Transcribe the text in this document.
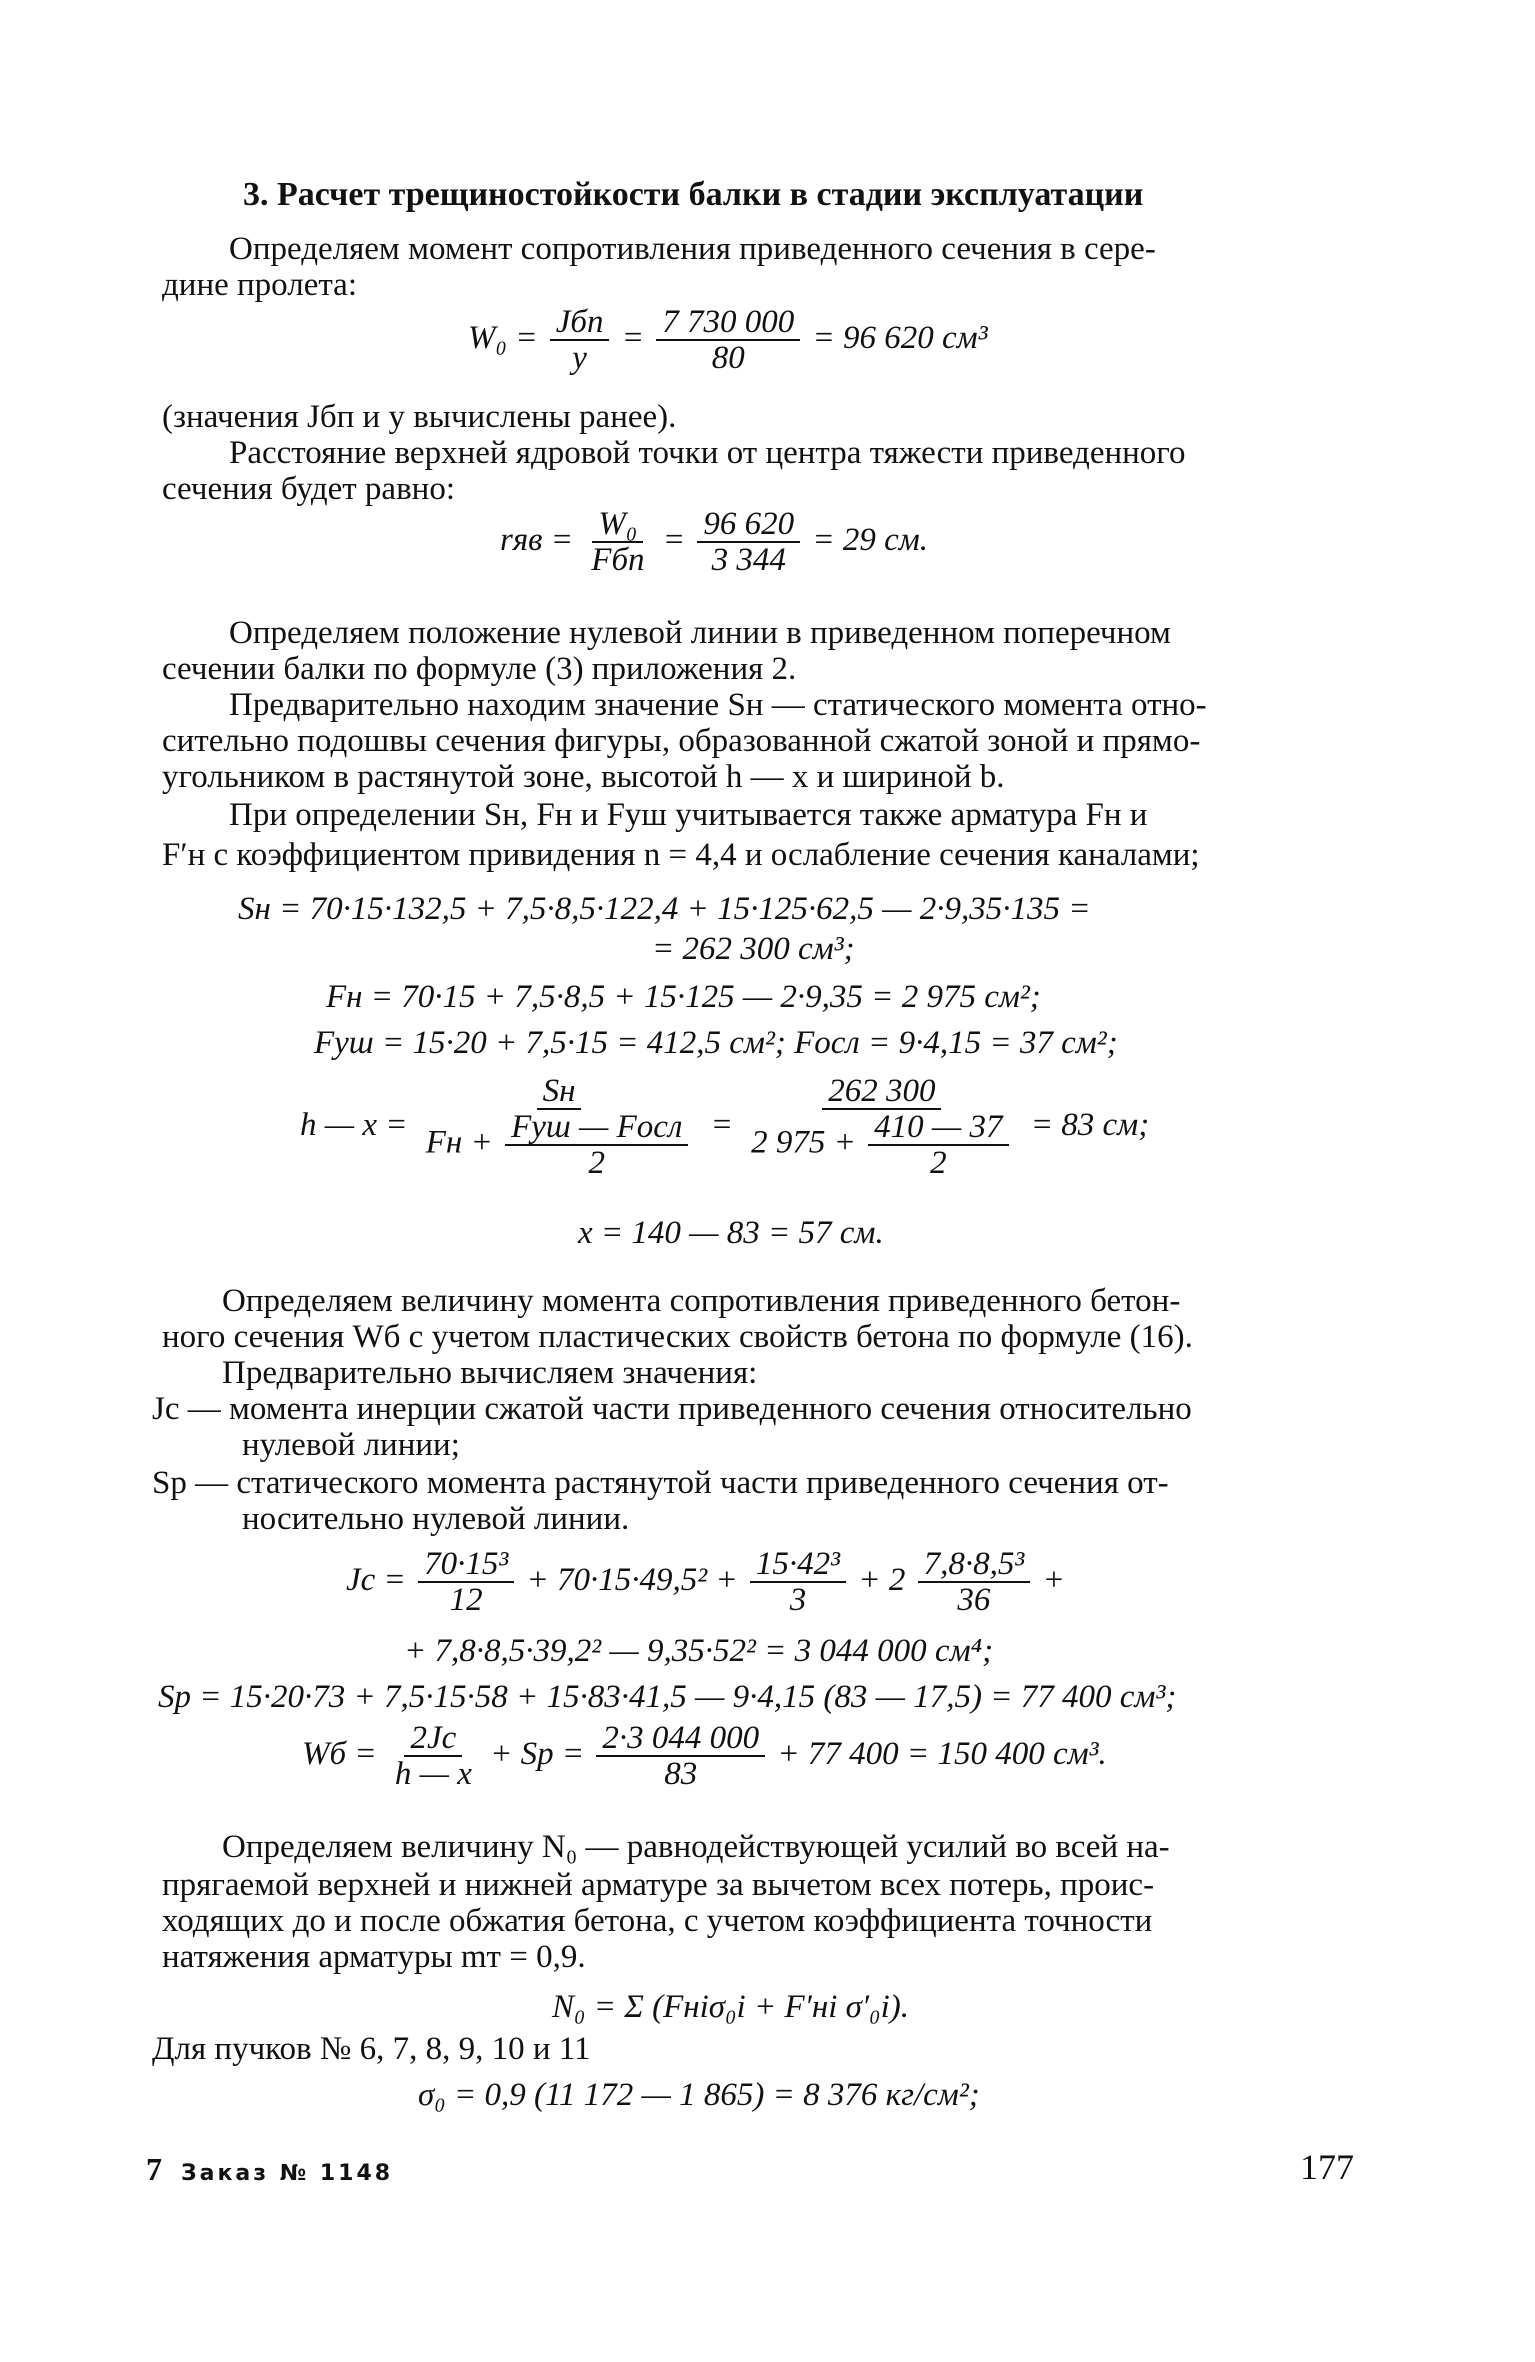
3. Расчет трещиностойкости балки в стадии эксплуатации
Определяем момент сопротивления приведенного сечения в сере-
дине пролета:
$W_0 = \frac{\text{Jбп}}{y} = \frac{7 730 000}{80} = 96$ 620 см³
(значения Jбп и y вычислены ранее).
Расстояние верхней ядровой точки от центра тяжести приведенного
сечения будет равно:
rяв = $\frac{\text{W₀}}{\text{Fбп}} = \frac{96 620}{3 344} = 29$ см.
Определяем положение нулевой линии в приведенном поперечном
сечении балки по формуле (3) приложения 2.
Предварительно находим значение Sн — статического момента отно-
сительно подошвы сечения фигуры, образованной сжатой зоной и прямо-
угольником в растянутой зоне, высотой h — x и шириной b.
При определении Sн, Fн и Fуш учитывается также арматура Fн и
F′н с коэффициентом привидения n = 4,4 и ослабление сечения каналами;
Sн = 70·15·132,5 + 7,5·8,5·122,4 + 15·125·62,5 — 2·9,35·135 =
= 262 300 см³;
Fн = 70·15 + 7,5·8,5 + 15·125 — 2·9,35 = 2 975 см²;
Fуш = 15·20 + 7,5·15 = 412,5 см²; Fосл = 9·4,15 = 37 см²;
h — $x = \frac{Sн}{Fн + \frac{\text{Fуш — Fосл}}{2}} = \frac{262 300}{2 975 + \frac{410 — 37}{2}} = 83$ см;
x = 140 — 83 = 57 см.
Определяем величину момента сопротивления приведенного бетон-
ного сечения Wб с учетом пластических свойств бетона по формуле (16).
Предварительно вычисляем значения:
Jс — момента инерции сжатой части приведенного сечения относительно
нулевой линии;
Sр — статического момента растянутой части приведенного сечения от-
носительно нулевой линии.
Jс = $\frac{\text{70·15³}}{12} + 70\cdot 15\cdot 49,5^2 + \frac{\text{15·42³}}{3} + 2 \frac{\text{7,8·8,5³}}{36}$ +
+ 7,8·8,5·39,2² — 9,35·52² = 3 044 000 см⁴;
Sр = 15·20·73 + 7,5·15·58 + 15·83·41,5 — 9·4,15 (83 — 17,5) = 77 400 см³;
Wб = $\frac{2Jс}{h — x}$ + Sр = $\frac{2\cdot 3 044 000}{83} + 77$ 400 = 150 400 см³.
Определяем величину N₀ — равнодействующей усилий во всей на-
прягаемой верхней и нижней арматуре за вычетом всех потерь, проис-
ходящих до и после обжатия бетона, с учетом коэффициента точности
натяжения арматуры mт = 0,9.
N₀ = Σ (Fнiσ₀i + F′нi σ′₀i).
Для пучков № 6, 7, 8, 9, 10 и 11
σ₀ = 0,9 (11 172 — 1 865) = 8 376 кг/см²;
7 Заказ № 1148	177
